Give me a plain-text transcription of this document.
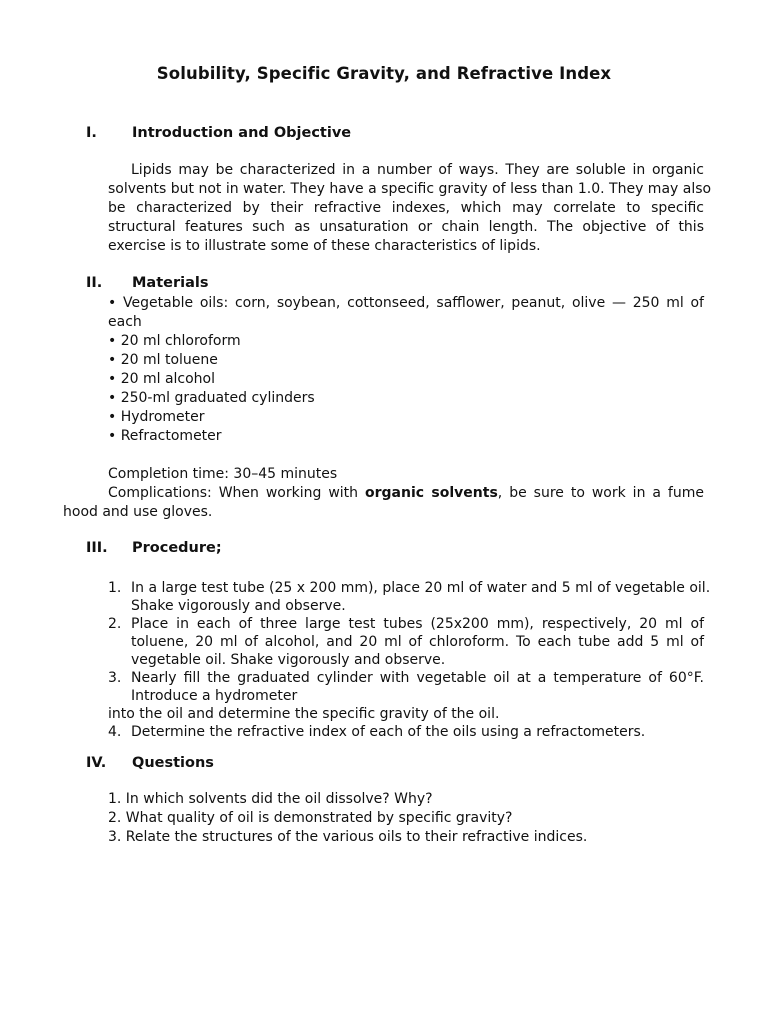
Solubility, Specific Gravity, and Refractive Index
I. Introduction and Objective
Lipids may be characterized in a number of ways. They are soluble in organic
solvents but not in water. They have a specific gravity of less than 1.0. They may also
be characterized by their refractive indexes, which may correlate to specific
structural features such as unsaturation or chain length. The objective of this
exercise is to illustrate some of these characteristics of lipids.
II. Materials
• Vegetable oils: corn, soybean, cottonseed, safflower, peanut, olive — 250 ml of
each
• 20 ml chloroform
• 20 ml toluene
• 20 ml alcohol
• 250-ml graduated cylinders
• Hydrometer
• Refractometer
Completion time: 30–45 minutes
Complications: When working with organic solvents, be sure to work in a fume
hood and use gloves.
III. Procedure;
1. In a large test tube (25 x 200 mm), place 20 ml of water and 5 ml of vegetable oil.
Shake vigorously and observe.
2. Place in each of three large test tubes (25x200 mm), respectively, 20 ml of
toluene, 20 ml of alcohol, and 20 ml of chloroform. To each tube add 5 ml of
vegetable oil. Shake vigorously and observe.
3. Nearly fill the graduated cylinder with vegetable oil at a temperature of 60°F.
Introduce a hydrometer
into the oil and determine the specific gravity of the oil.
4. Determine the refractive index of each of the oils using a refractometers.
IV. Questions
1. In which solvents did the oil dissolve? Why?
2. What quality of oil is demonstrated by specific gravity?
3. Relate the structures of the various oils to their refractive indices.
